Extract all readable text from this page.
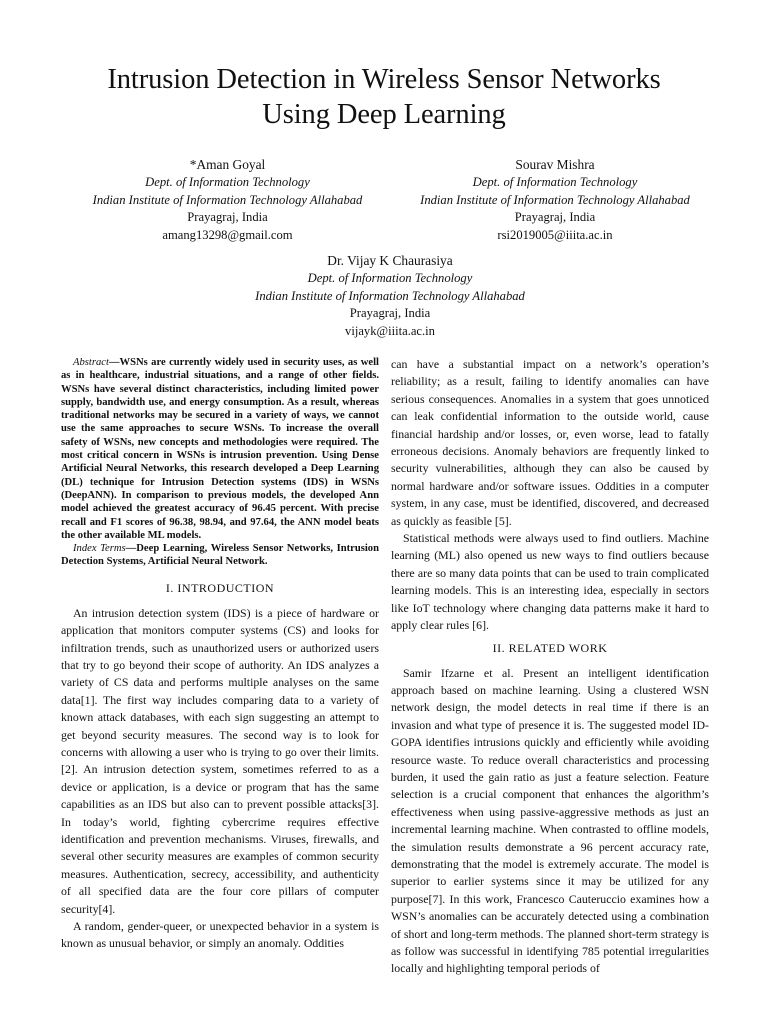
Intrusion Detection in Wireless Sensor Networks
Using Deep Learning
*Aman Goyal
Dept. of Information Technology
Indian Institute of Information Technology Allahabad
Prayagraj, India
amang13298@gmail.com
Sourav Mishra
Dept. of Information Technology
Indian Institute of Information Technology Allahabad
Prayagraj, India
rsi2019005@iiita.ac.in
Dr. Vijay K Chaurasiya
Dept. of Information Technology
Indian Institute of Information Technology Allahabad
Prayagraj, India
vijayk@iiita.ac.in

Abstract—WSNs are currently widely used in security uses, as well as in healthcare, industrial situations, and a range of other fields. WSNs have several distinct characteristics, including limited power supply, bandwidth use, and energy consumption. As a result, whereas traditional networks may be secured in a variety of ways, we cannot use the same approaches to secure WSNs. To increase the overall safety of WSNs, new concepts and methodologies were required. The most critical concern in WSNs is intrusion prevention. Using Dense Artificial Neural Networks, this research developed a Deep Learning (DL) technique for Intrusion Detection systems (IDS) in WSNs (DeepANN). In comparison to previous models, the developed Ann model achieved the greatest accuracy of 96.45 percent. With precise recall and F1 scores of 96.38, 98.94, and 97.64, the ANN model beats the other available ML models.

Index Terms—Deep Learning, Wireless Sensor Networks, Intrusion Detection Systems, Artificial Neural Network.

I. INTRODUCTION

An intrusion detection system (IDS) is a piece of hardware or application that monitors computer systems (CS) and looks for infiltration trends, such as unauthorized users or authorized users that try to go beyond their scope of authority. An IDS analyzes a variety of CS data and performs multiple analyses on the same data[1]. The first way includes comparing data to a variety of known attack databases, with each sign suggesting an attempt to get beyond security measures. The second way is to look for concerns with allowing a user who is trying to go over their limits.[2]. An intrusion detection system, sometimes referred to as a device or application, is a device or program that has the same capabilities as an IDS but also can to prevent possible attacks[3]. In today’s world, fighting cybercrime requires effective identification and prevention mechanisms. Viruses, firewalls, and several other security measures are examples of common security measures. Authentication, secrecy, accessibility, and authenticity of all specified data are the four core pillars of computer security[4].

A random, gender-queer, or unexpected behavior in a system is known as unusual behavior, or simply an anomaly. Oddities

can have a substantial impact on a network’s operation’s reliability; as a result, failing to identify anomalies can have serious consequences. Anomalies in a system that goes unnoticed can leak confidential information to the outside world, cause financial hardship and/or losses, or, even worse, lead to fatally erroneous decisions. Anomaly behaviors are frequently linked to security vulnerabilities, although they can also be caused by normal hardware and/or software issues. Oddities in a computer system, in any case, must be identified, discovered, and decreased as quickly as feasible [5].

Statistical methods were always used to find outliers. Machine learning (ML) also opened us new ways to find outliers because there are so many data points that can be used to train complicated learning models. This is an interesting idea, especially in sectors like IoT technology where changing data patterns make it hard to apply clear rules [6].

II. RELATED WORK

Samir Ifzarne et al. Present an intelligent identification approach based on machine learning. Using a clustered WSN network design, the model detects in real time if there is an invasion and what type of presence it is. The suggested model ID-GOPA identifies intrusions quickly and efficiently while avoiding resource waste. To reduce overall characteristics and processing burden, it used the gain ratio as just a feature selection. Feature selection is a crucial component that enhances the algorithm’s effectiveness when using passive-aggressive methods as just an incremental learning machine. When contrasted to offline models, the simulation results demonstrate a 96 percent accuracy rate, demonstrating that the model is extremely accurate. The model is superior to earlier systems since it may be utilized for any purpose[7]. In this work, Francesco Cauteruccio examines how a WSN’s anomalies can be accurately detected using a combination of short and long-term methods. The planned short-term strategy is as follow was successful in identifying 785 potential irregularities locally and highlighting temporal periods of
